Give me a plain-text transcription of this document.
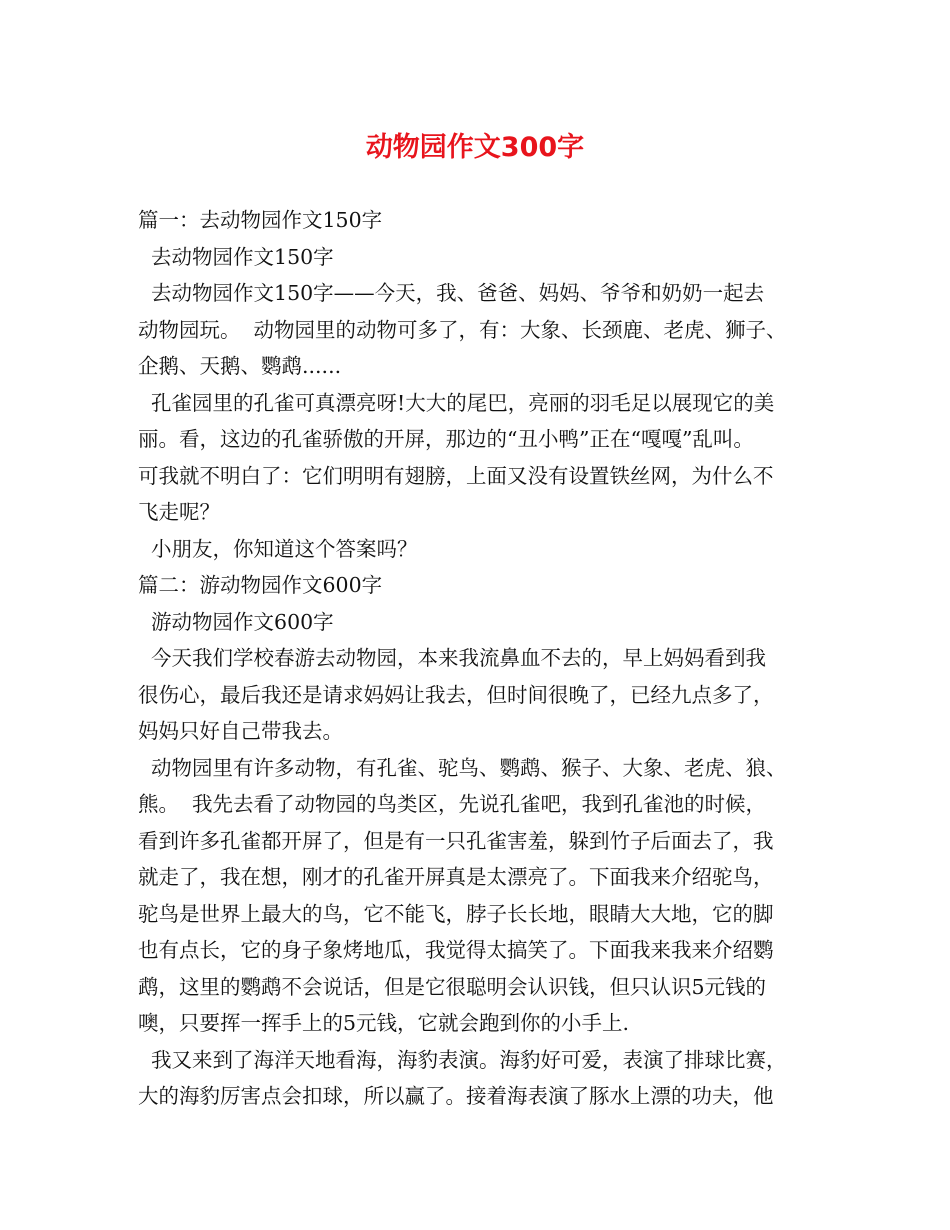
动物园作文300字
篇一：去动物园作文150字
去动物园作文150字
去动物园作文150字——今天，我、爸爸、妈妈、爷爷和奶奶一起去
动物园玩。  动物园里的动物可多了，有：大象、长颈鹿、老虎、狮子、
企鹅、天鹅、鹦鹉......
孔雀园里的孔雀可真漂亮呀!大大的尾巴，亮丽的羽毛足以展现它的美
丽。看，这边的孔雀骄傲的开屏，那边的“丑小鸭”正在“嘎嘎”乱叫。
可我就不明白了：它们明明有翅膀，上面又没有设置铁丝网，为什么不
飞走呢？
小朋友，你知道这个答案吗？
篇二：游动物园作文600字
游动物园作文600字
今天我们学校春游去动物园，本来我流鼻血不去的，早上妈妈看到我
很伤心，最后我还是请求妈妈让我去，但时间很晚了，已经九点多了，
妈妈只好自己带我去。
动物园里有许多动物，有孔雀、驼鸟、鹦鹉、猴子、大象、老虎、狼、
熊。  我先去看了动物园的鸟类区，先说孔雀吧，我到孔雀池的时候，
看到许多孔雀都开屏了，但是有一只孔雀害羞，躲到竹子后面去了，我
就走了，我在想，刚才的孔雀开屏真是太漂亮了。下面我来介绍驼鸟，
驼鸟是世界上最大的鸟，它不能飞，脖子长长地，眼睛大大地，它的脚
也有点长，它的身子象烤地瓜，我觉得太搞笑了。下面我来我来介绍鹦
鹉，这里的鹦鹉不会说话，但是它很聪明会认识钱，但只认识5元钱的
噢，只要挥一挥手上的5元钱，它就会跑到你的小手上.
我又来到了海洋天地看海，海豹表演。海豹好可爱，表演了排球比赛，
大的海豹厉害点会扣球，所以赢了。接着海表演了豚水上漂的功夫，他
